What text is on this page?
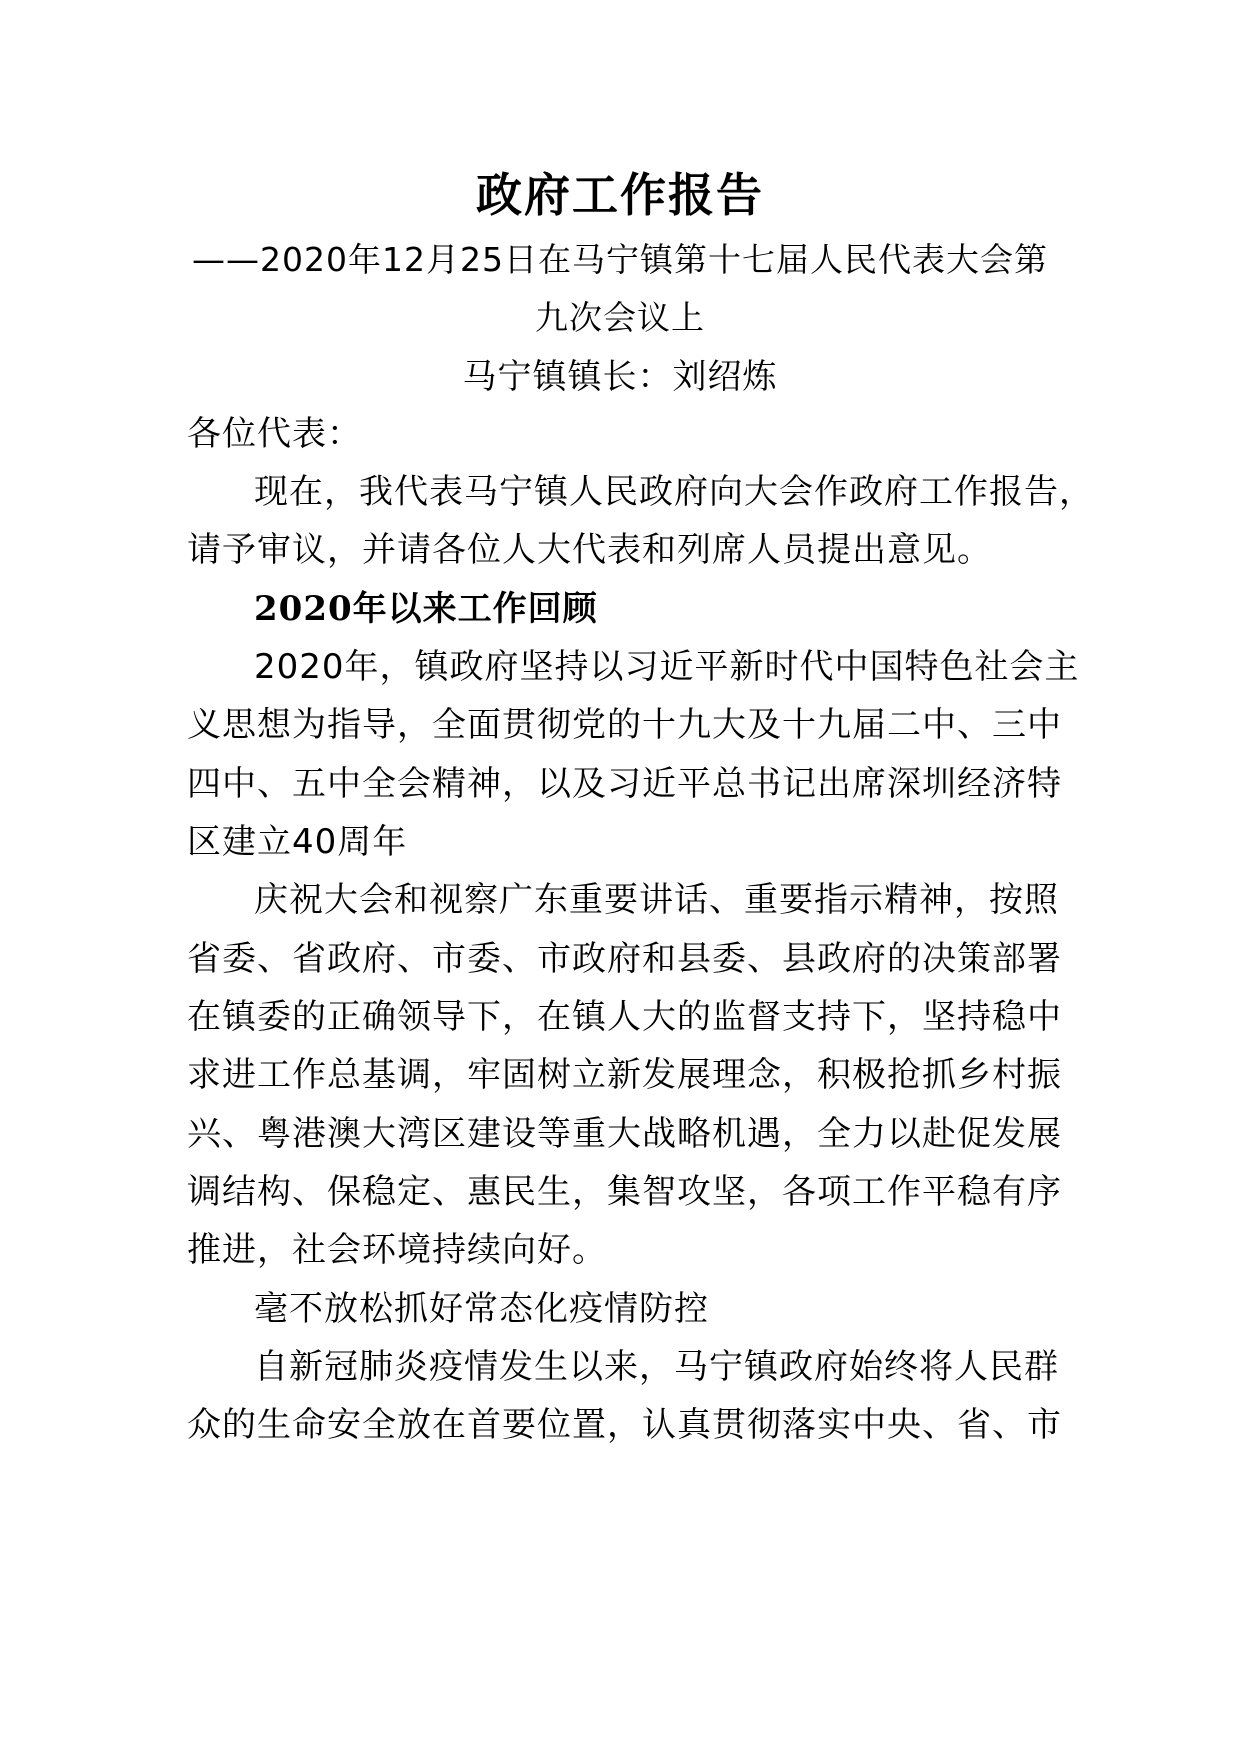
政府工作报告
——2020年12月25日在马宁镇第十七届人民代表大会第
九次会议上
马宁镇镇长：刘绍炼
各位代表：
现在，我代表马宁镇人民政府向大会作政府工作报告，
请予审议，并请各位人大代表和列席人员提出意见。
2020年以来工作回顾
2020年，镇政府坚持以习近平新时代中国特色社会主
义思想为指导，全面贯彻党的十九大及十九届二中、三中
四中、五中全会精神，以及习近平总书记出席深圳经济特
区建立40周年
庆祝大会和视察广东重要讲话、重要指示精神，按照
省委、省政府、市委、市政府和县委、县政府的决策部署
在镇委的正确领导下，在镇人大的监督支持下，坚持稳中
求进工作总基调，牢固树立新发展理念，积极抢抓乡村振
兴、粤港澳大湾区建设等重大战略机遇，全力以赴促发展
调结构、保稳定、惠民生，集智攻坚，各项工作平稳有序
推进，社会环境持续向好。
毫不放松抓好常态化疫情防控
自新冠肺炎疫情发生以来，马宁镇政府始终将人民群
众的生命安全放在首要位置，认真贯彻落实中央、省、市
